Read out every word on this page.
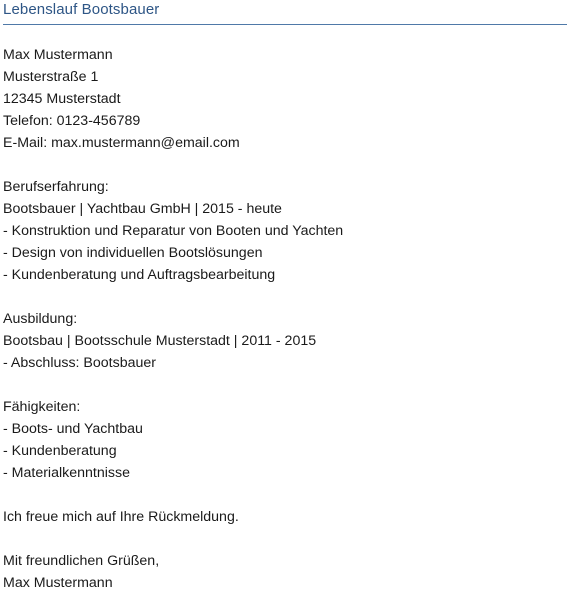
Lebenslauf Bootsbauer
Max Mustermann
Musterstraße 1
12345 Musterstadt
Telefon: 0123-456789
E-Mail: max.mustermann@email.com
Berufserfahrung:
Bootsbauer | Yachtbau GmbH | 2015 - heute
- Konstruktion und Reparatur von Booten und Yachten
- Design von individuellen Bootslösungen
- Kundenberatung und Auftragsbearbeitung
Ausbildung:
Bootsbau | Bootsschule Musterstadt | 2011 - 2015
- Abschluss: Bootsbauer
Fähigkeiten:
- Boots- und Yachtbau
- Kundenberatung
- Materialkenntnisse
Ich freue mich auf Ihre Rückmeldung.
Mit freundlichen Grüßen,
Max Mustermann
